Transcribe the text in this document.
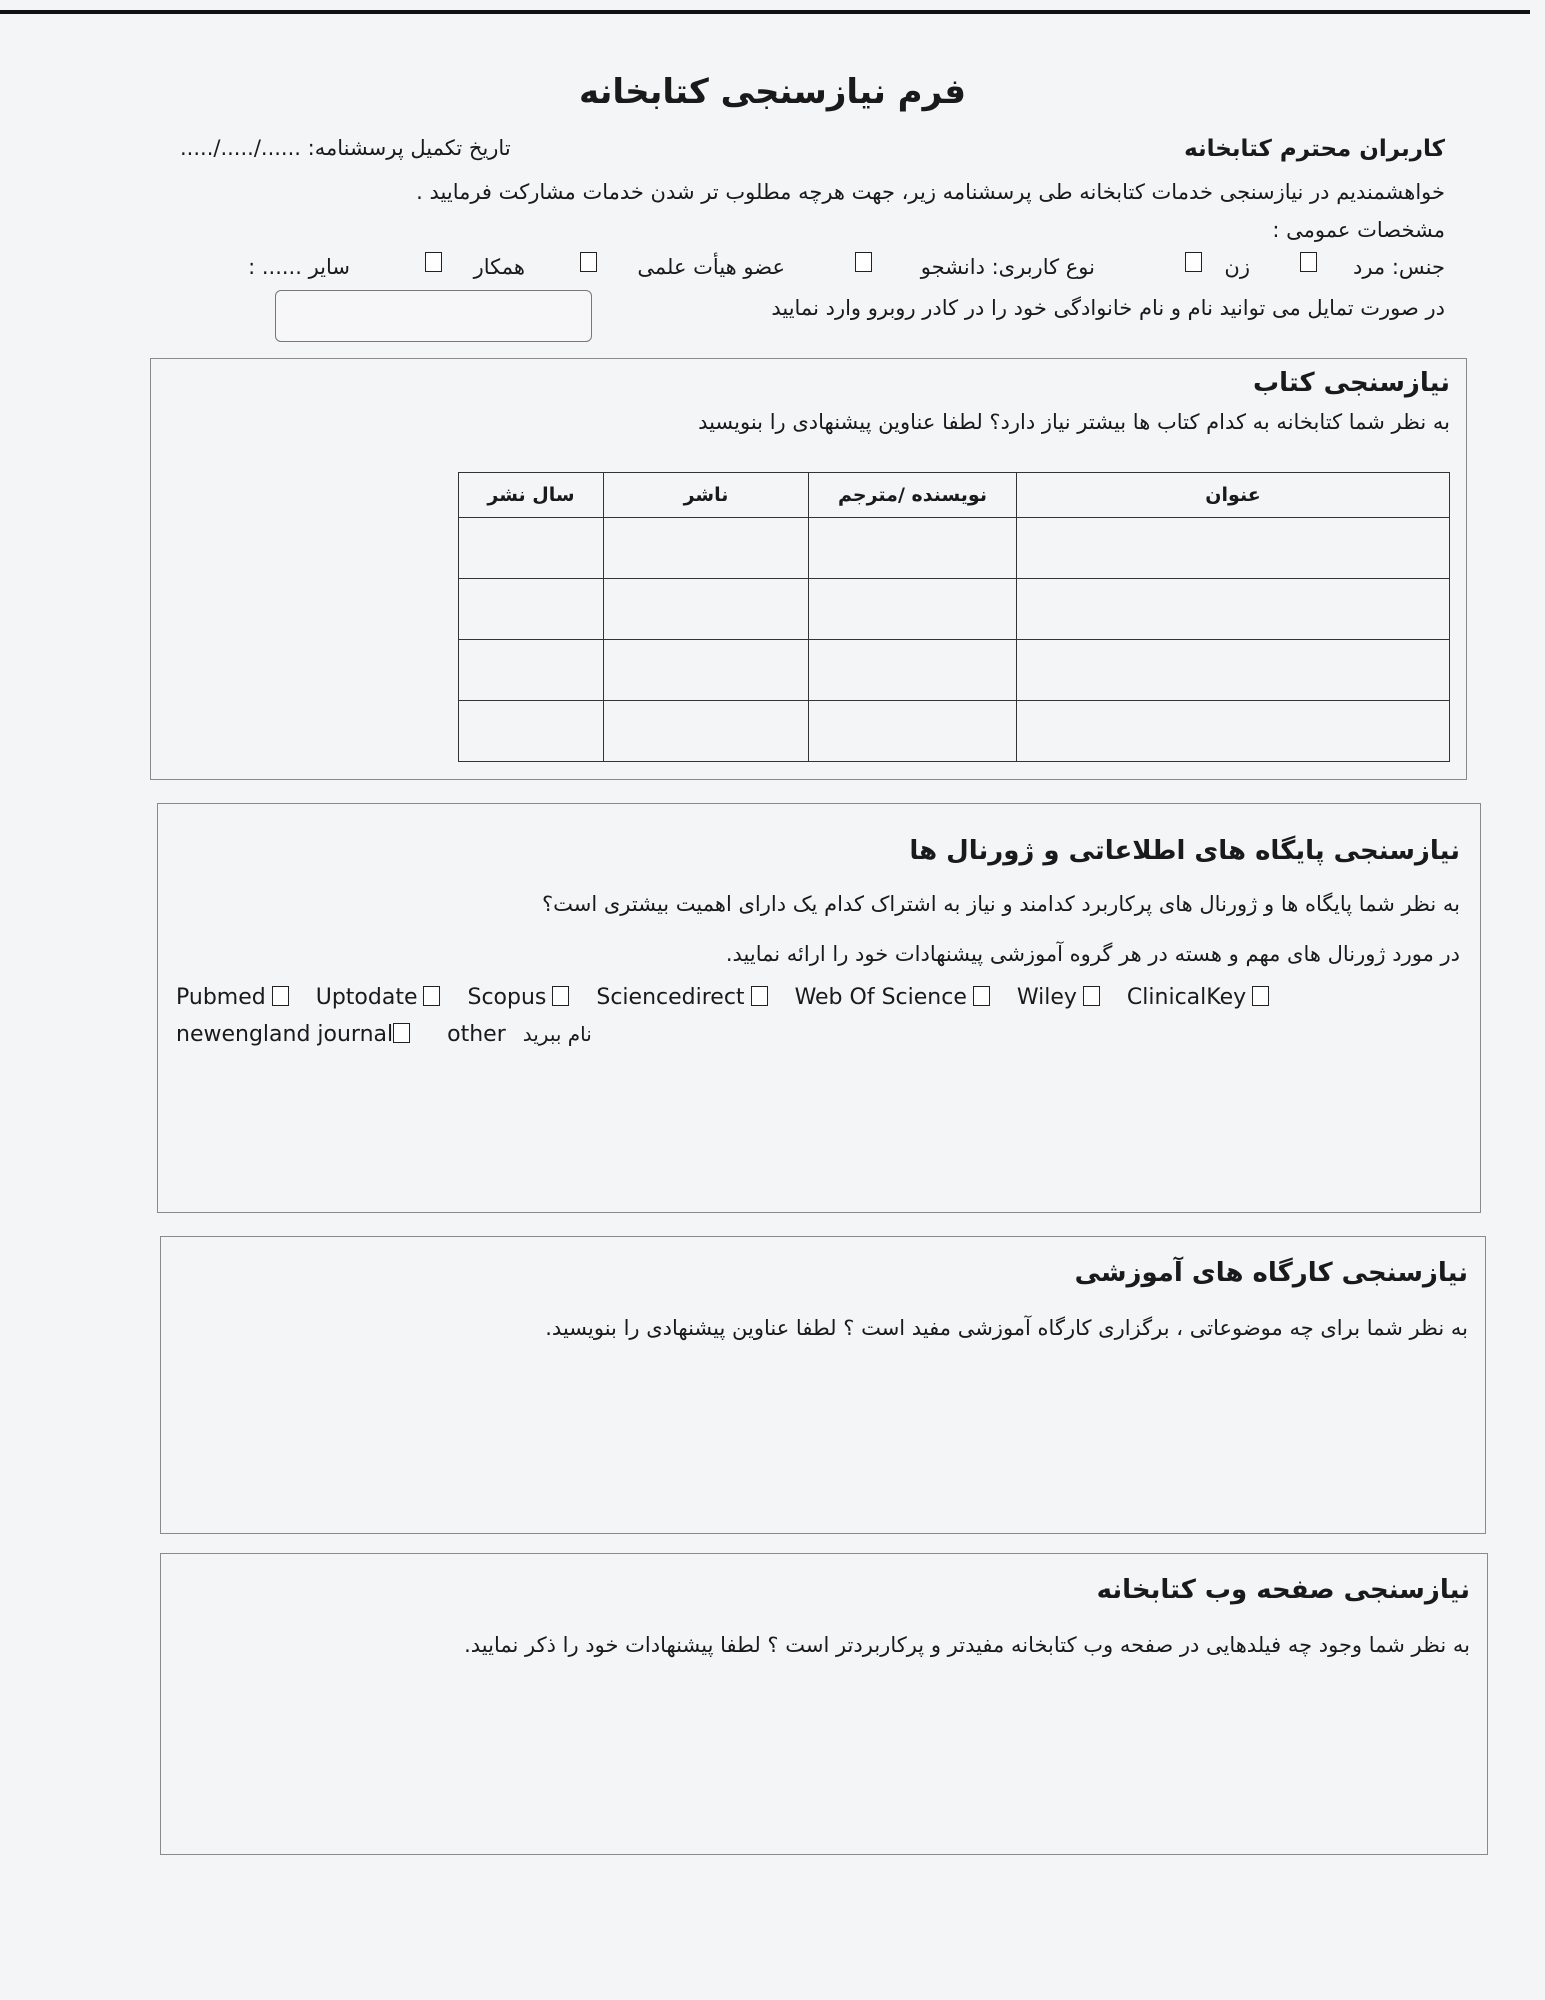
فرم نیازسنجی کتابخانه
کاربران محترم کتابخانه
تاریخ تکمیل پرسشنامه: ....../...../.....
خواهشمندیم در نیازسنجی خدمات کتابخانه طی پرسشنامه زیر، جهت هرچه مطلوب تر شدن خدمات مشارکت فرمایید .
مشخصات عمومی :
جنس: مرد
زن
نوع کاربری: دانشجو
عضو هیأت علمی
همکار
سایر ...... :
در صورت تمایل می توانید نام و نام خانوادگی خود را در کادر روبرو وارد نمایید
نیازسنجی کتاب
به نظر شما کتابخانه به کدام کتاب ها بیشتر نیاز دارد؟ لطفا عناوین پیشنهادی را بنویسید
عنوان	نویسنده /مترجم	ناشر	سال نشر

نیازسنجی پایگاه های اطلاعاتی و ژورنال ها
به نظر شما پایگاه ها و ژورنال های پرکاربرد کدامند و نیاز به اشتراک کدام یک دارای اهمیت بیشتری است؟
در مورد ژورنال های مهم و هسته در هر گروه آموزشی پیشنهادات خود را ارائه نمایید.
Pubmed Uptodate Scopus Sciencedirect Web Of Science Wiley ClinicalKey
newengland journal other نام ببرید
نیازسنجی کارگاه های آموزشی
به نظر شما برای چه موضوعاتی ، برگزاری کارگاه آموزشی مفید است ؟ لطفا عناوین پیشنهادی را بنویسید.
نیازسنجی صفحه وب کتابخانه
به نظر شما وجود چه فیلدهایی در صفحه وب کتابخانه مفیدتر و پرکاربردتر است ؟ لطفا پیشنهادات خود را ذکر نمایید.
